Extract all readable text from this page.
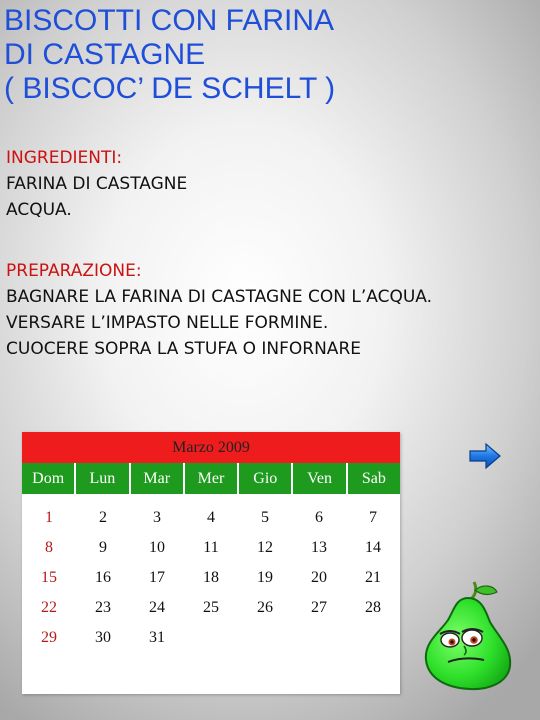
BISCOTTI CON FARINA
DI CASTAGNE
( BISCOC’ DE SCHELT )
INGREDIENTI:
FARINA DI CASTAGNE
ACQUA.
PREPARAZIONE:
BAGNARE LA FARINA DI CASTAGNE CON L’ACQUA.
VERSARE L’IMPASTO NELLE FORMINE.
CUOCERE SOPRA LA STUFA O INFORNARE
Marzo 2009
Dom	Lun	Mar	Mer	Gio	Ven	Sab
1	2	3	4	5	6	7
8	9	10	11	12	13	14
15	16	17	18	19	20	21
22	23	24	25	26	27	28
29	30	31
